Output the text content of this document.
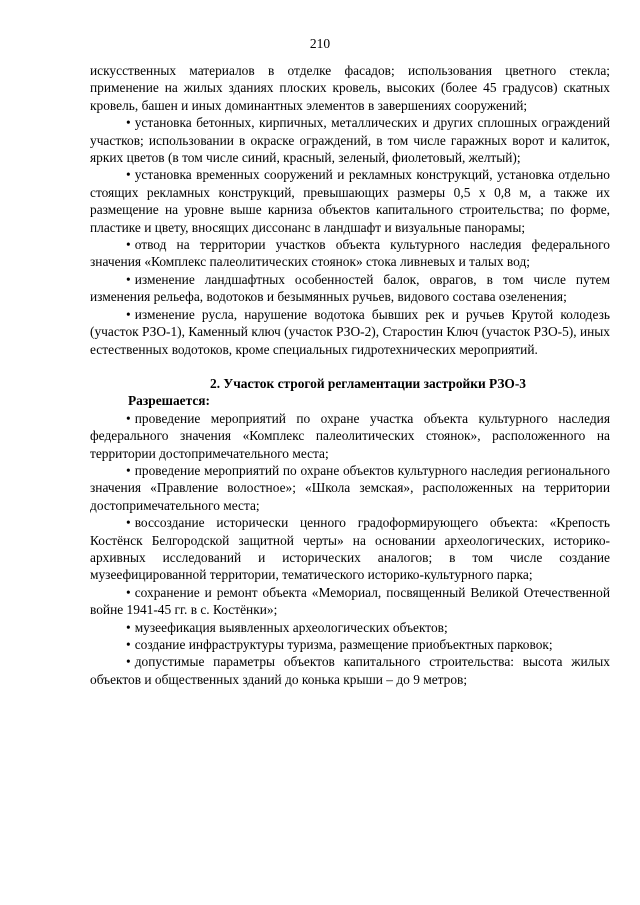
210

искусственных материалов в отделке фасадов; использования цветного стекла; применение на жилых зданиях плоских кровель, высоких (более 45 градусов) скатных кровель, башен и иных доминантных элементов в завершениях сооружений;

• установка бетонных, кирпичных, металлических и других сплошных ограждений участков; использовании в окраске ограждений, в том числе гаражных ворот и калиток, ярких цветов (в том числе синий, красный, зеленый, фиолетовый, желтый);

• установка временных сооружений и рекламных конструкций, установка отдельно стоящих рекламных конструкций, превышающих размеры 0,5 х 0,8 м, а также их размещение на уровне выше карниза объектов капитального строительства; по форме, пластике и цвету, вносящих диссонанс в ландшафт и визуальные панорамы;

• отвод на территории участков объекта культурного наследия федерального значения «Комплекс палеолитических стоянок» стока ливневых и талых вод;

• изменение ландшафтных особенностей балок, оврагов, в том числе путем изменения рельефа, водотоков и безымянных ручьев, видового состава озеленения;

• изменение русла, нарушение водотока бывших рек и ручьев Крутой колодезь (участок РЗО-1), Каменный ключ (участок РЗО-2), Старостин Ключ (участок РЗО-5), иных естественных водотоков, кроме специальных гидротехнических мероприятий.

2. Участок строгой регламентации застройки РЗО-3

Разрешается:

• проведение мероприятий по охране участка объекта культурного наследия федерального значения «Комплекс палеолитических стоянок», расположенного на территории достопримечательного места;

• проведение мероприятий по охране объектов культурного наследия регионального значения «Правление волостное»; «Школа земская», расположенных на территории достопримечательного места;

• воссоздание исторически ценного градоформирующего объекта: «Крепость Костёнск Белгородской защитной черты» на основании археологических, историко-архивных исследований и исторических аналогов; в том числе создание музеефицированной территории, тематического историко-культурного парка;

• сохранение и ремонт объекта «Мемориал, посвященный Великой Отечественной войне 1941-45 гг. в с. Костёнки»;

• музеефикация выявленных археологических объектов;

• создание инфраструктуры туризма, размещение приобъектных парковок;

• допустимые параметры объектов капитального строительства: высота жилых объектов и общественных зданий до конька крыши – до 9 метров;
